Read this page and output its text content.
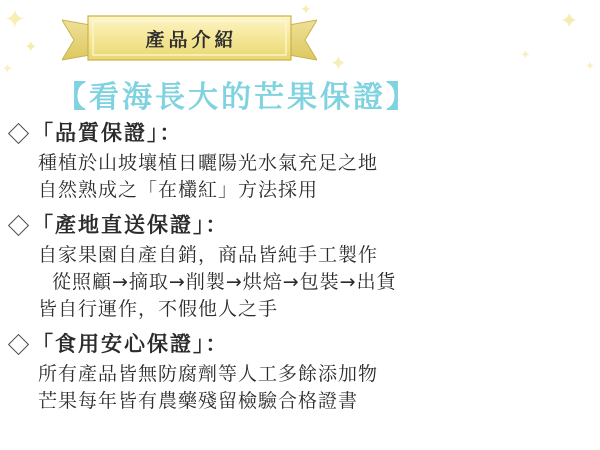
✦
✦
✦
✦
✦
✦
✦
✦
產品介紹
【看海長大的芒果保證】
「品質保證」：
種植於山坡壤植日曬陽光水氣充足之地
自然熟成之「在欉紅」方法採用
「產地直送保證」：
自家果園自產自銷，商品皆純手工製作
從照顧→摘取→削製→烘焙→包裝→出貨
皆自行運作，不假他人之手
「食用安心保證」：
所有產品皆無防腐劑等人工多餘添加物
芒果每年皆有農藥殘留檢驗合格證書
